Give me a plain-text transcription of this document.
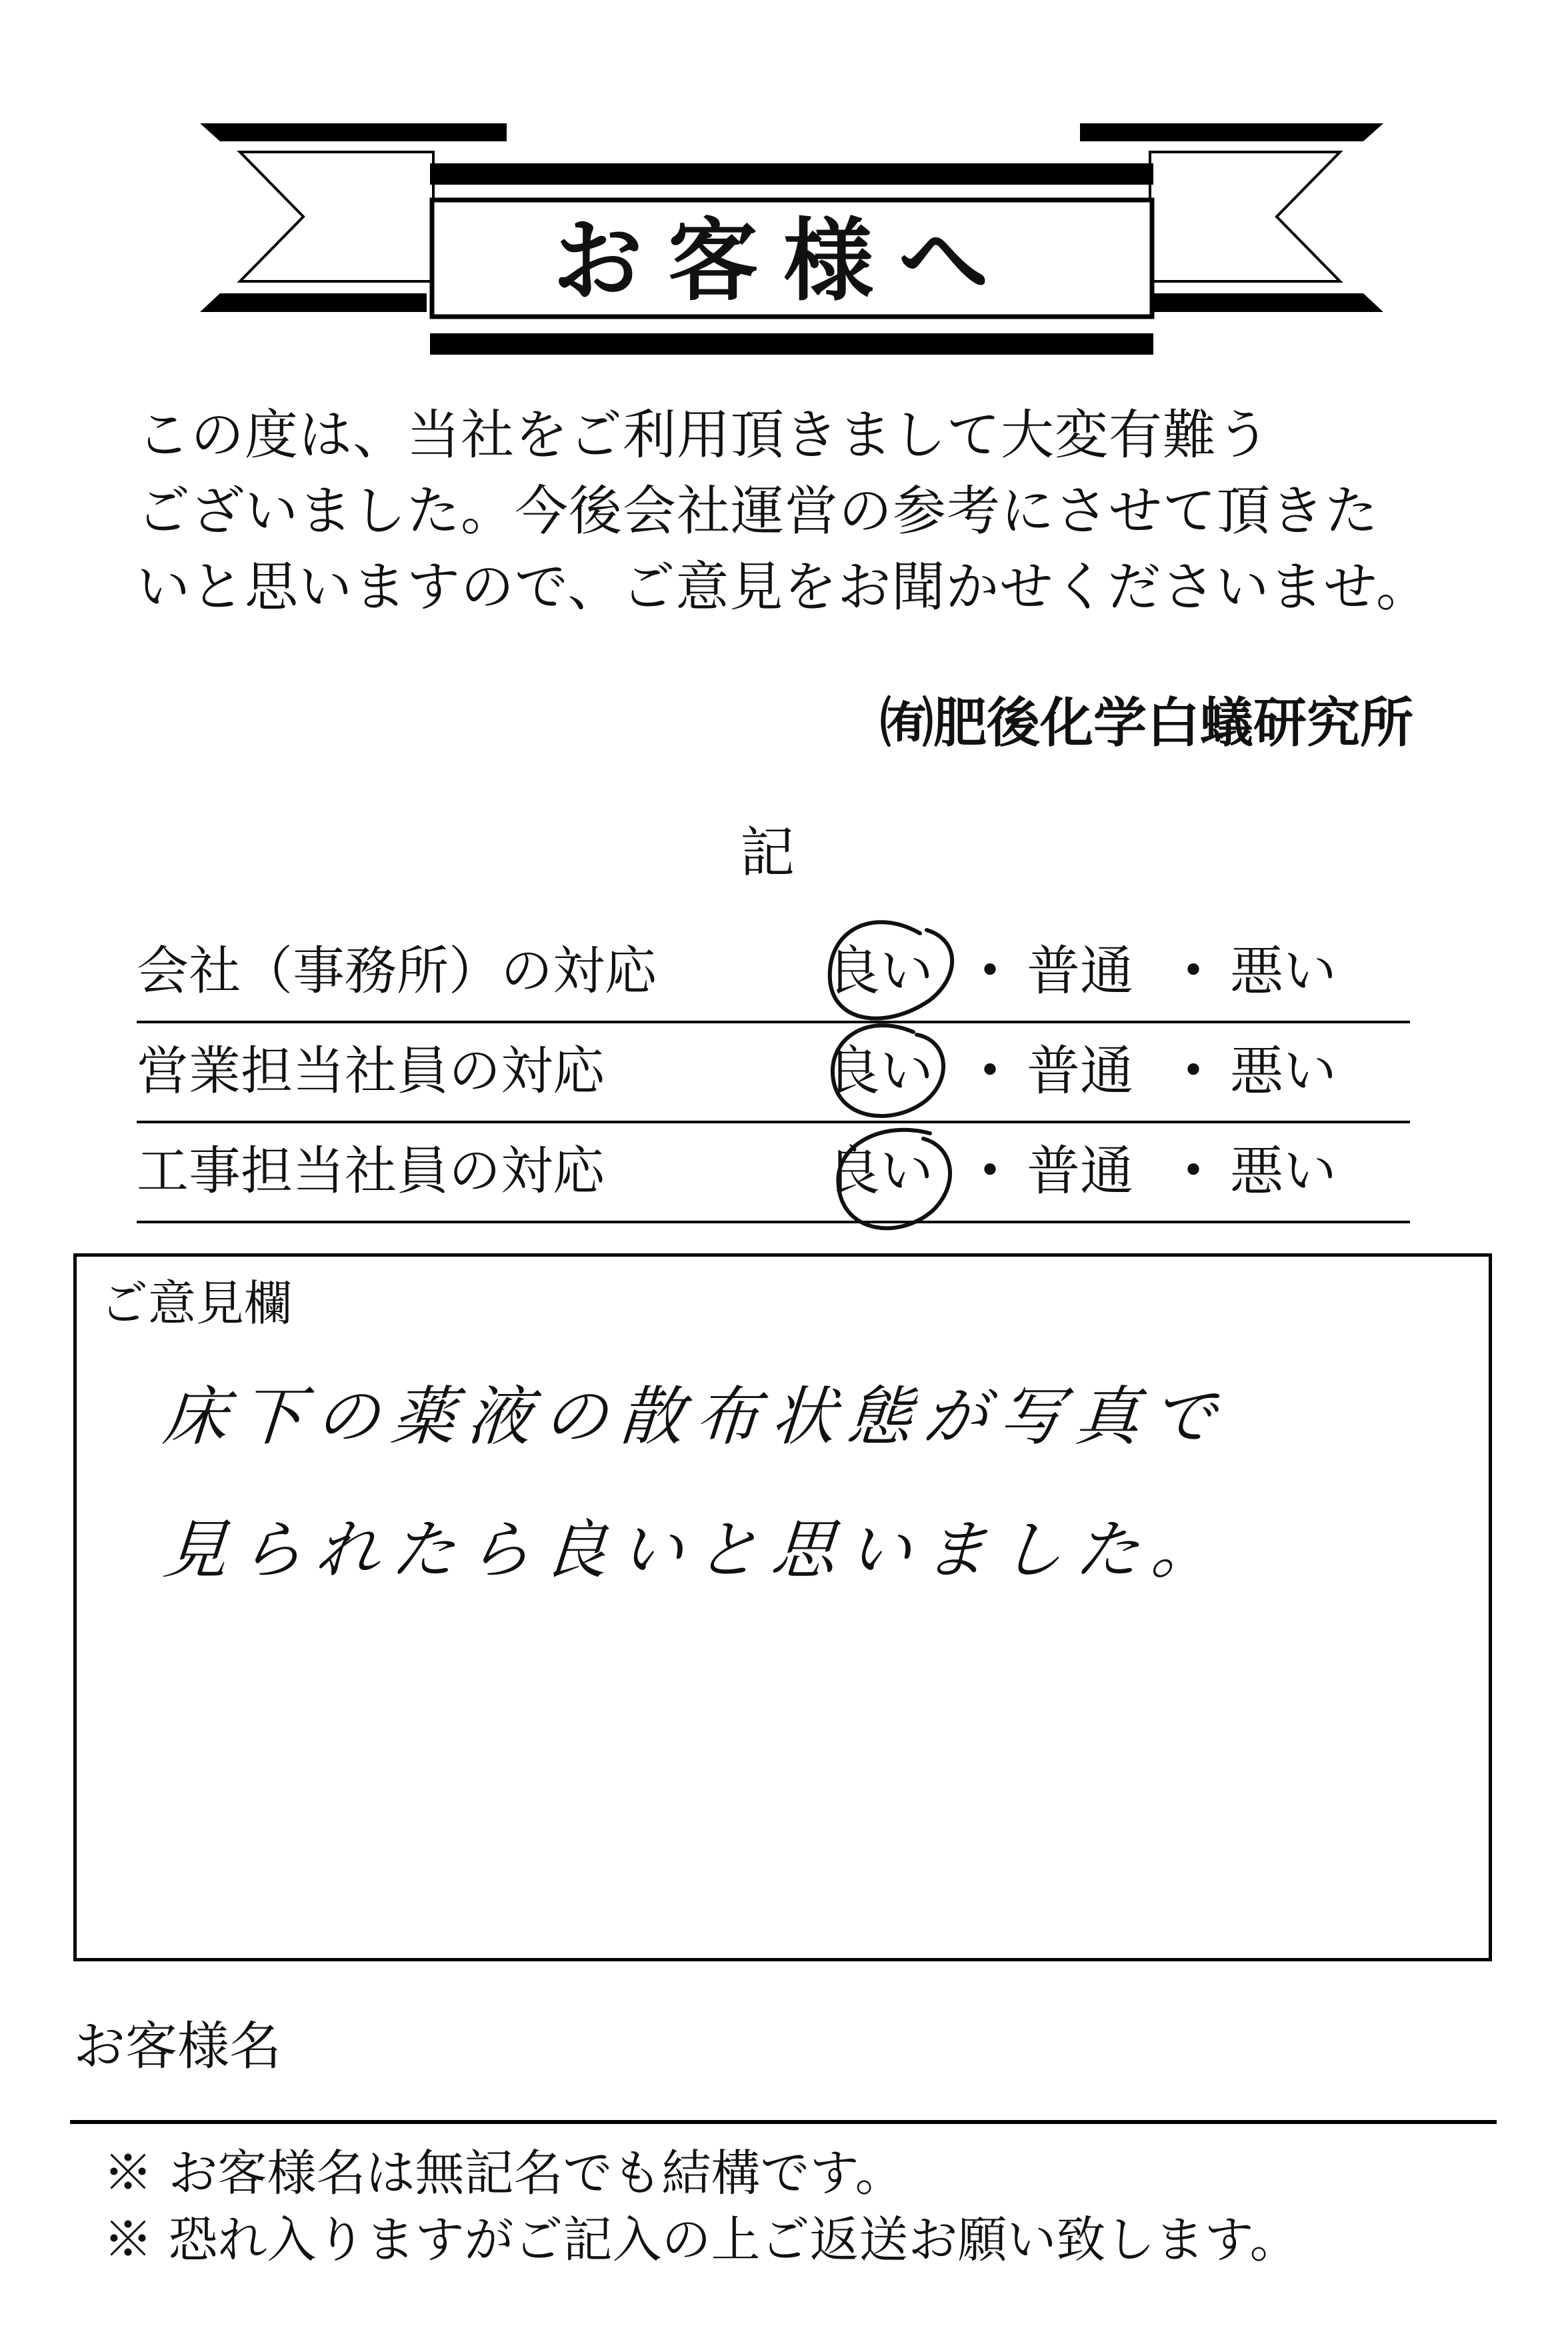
お客様へ
この度は、当社をご利用頂きまして大変有難う
ございました。今後会社運営の参考にさせて頂きた
いと思いますので、ご意見をお聞かせくださいませ。
㈲肥後化学白蟻研究所
記
会社（事務所）の対応	良い ・ 普通 ・ 悪い
営業担当社員の対応	良い ・ 普通 ・ 悪い
工事担当社員の対応	良い ・ 普通 ・ 悪い
ご意見欄
床下の薬液の散布状態が写真で
見られたら良いと思いました。
お客様名
※ お客様名は無記名でも結構です。
※ 恐れ入りますがご記入の上ご返送お願い致します。
